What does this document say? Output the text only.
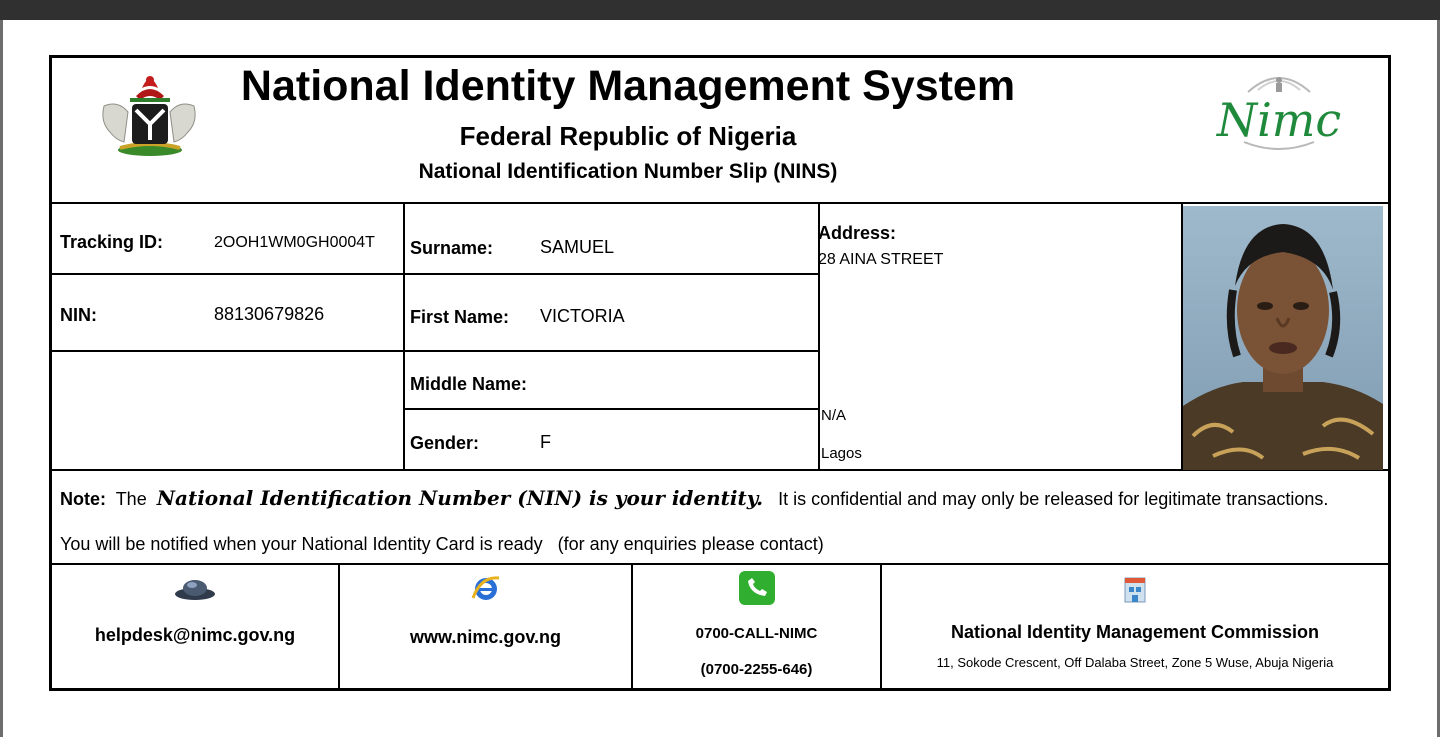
National Identity Management System
Federal Republic of Nigeria
National Identification Number Slip (NINS)
Nimc
Tracking ID:	2OOH1WM0GH0004T
NIN:	88130679826
Surname:	SAMUEL
First Name: VICTORIA
Middle Name:
Gender:	F
Address:
28 AINA STREET
N/A
Lagos
Note: The National Identification Number (NIN) is your identity. It is confidential and may only be released for legitimate transactions.
You will be notified when your National Identity Card is ready   (for any enquiries please contact)
helpdesk@nimc.gov.ng	www.nimc.gov.ng	0700-CALL-NIMC
(0700-2255-646)
National Identity Management Commission
11, Sokode Crescent, Off Dalaba Street, Zone 5 Wuse, Abuja Nigeria
